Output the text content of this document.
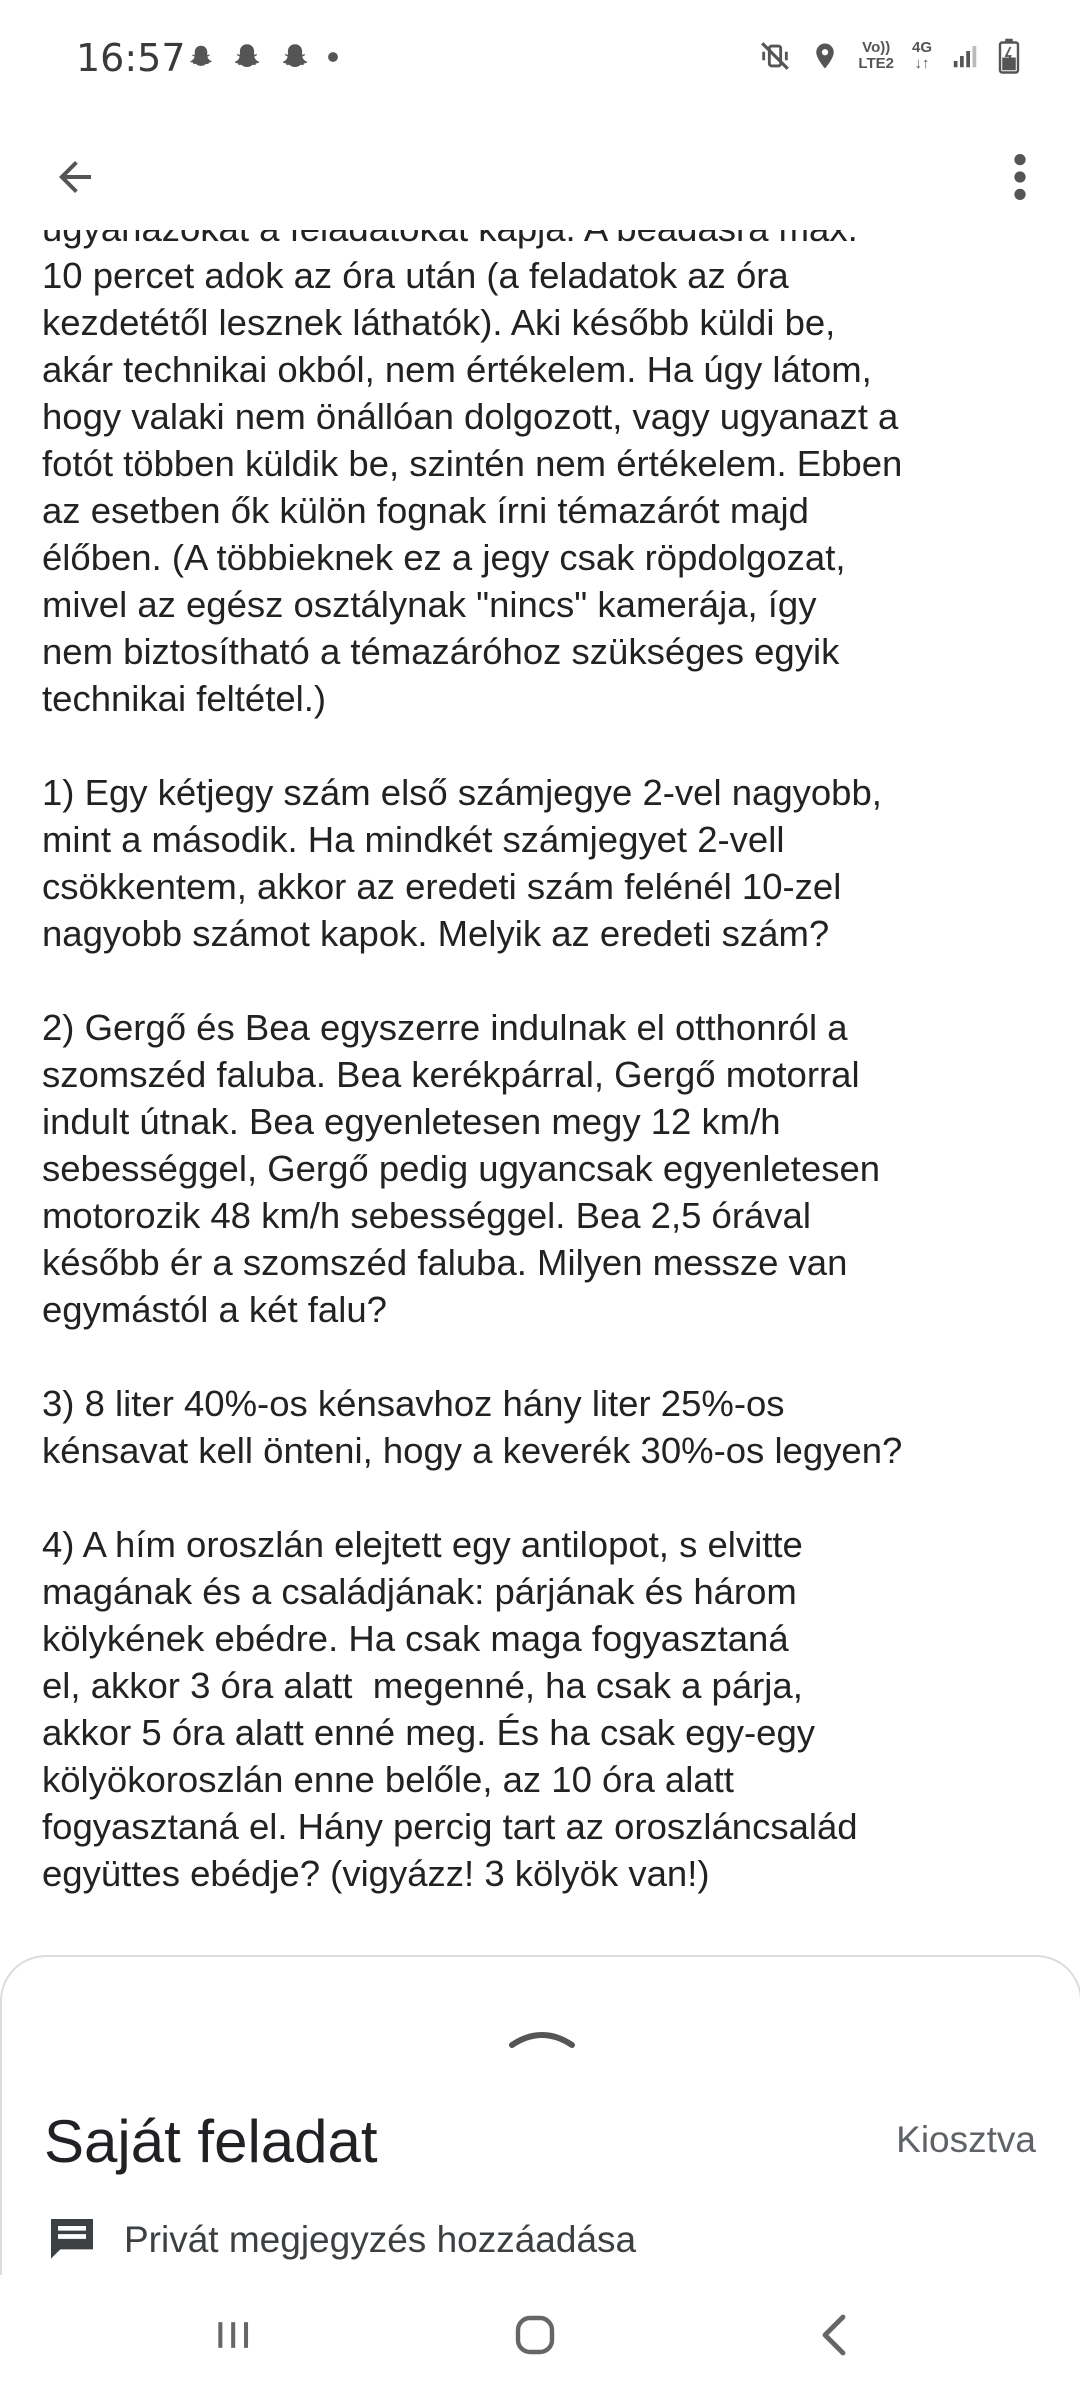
16:57	Vo))
LTE2
4G
↓↑

10 percet adok az óra után (a feladatok az óra
kezdetétől lesznek láthatók). Aki később küldi be,
akár technikai okból, nem értékelem. Ha úgy látom,
hogy valaki nem önállóan dolgozott, vagy ugyanazt a
fotót többen küldik be, szintén nem értékelem. Ebben
az esetben ők külön fognak írni témazárót majd
élőben. (A többieknek ez a jegy csak röpdolgozat,
mivel az egész osztálynak "nincs" kamerája, így
nem biztosítható a témazáróhoz szükséges egyik
technikai feltétel.)

1) Egy kétjegy szám első számjegye 2-vel nagyobb,
mint a második. Ha mindkét számjegyet 2-vell
csökkentem, akkor az eredeti szám felénél 10-zel
nagyobb számot kapok. Melyik az eredeti szám?

2) Gergő és Bea egyszerre indulnak el otthonról a
szomszéd faluba. Bea kerékpárral, Gergő motorral
indult útnak. Bea egyenletesen megy 12 km/h
sebességgel, Gergő pedig ugyancsak egyenletesen
motorozik 48 km/h sebességgel. Bea 2,5 órával
később ér a szomszéd faluba. Milyen messze van
egymástól a két falu?

3) 8 liter 40%-os kénsavhoz hány liter 25%-os
kénsavat kell önteni, hogy a keverék 30%-os legyen?

4) A hím oroszlán elejtett egy antilopot, s elvitte
magának és a családjának: párjának és három
kölykének ebédre. Ha csak maga fogyasztaná
el, akkor 3 óra alatt  megenné, ha csak a párja,
akkor 5 óra alatt enné meg. És ha csak egy-egy
kölyökoroszlán enne belőle, az 10 óra alatt
fogyasztaná el. Hány percig tart az oroszláncsalád
együttes ebédje? (vigyázz! 3 kölyök van!)

Saját feladat	Kiosztva
Privát megjegyzés hozzáadása
